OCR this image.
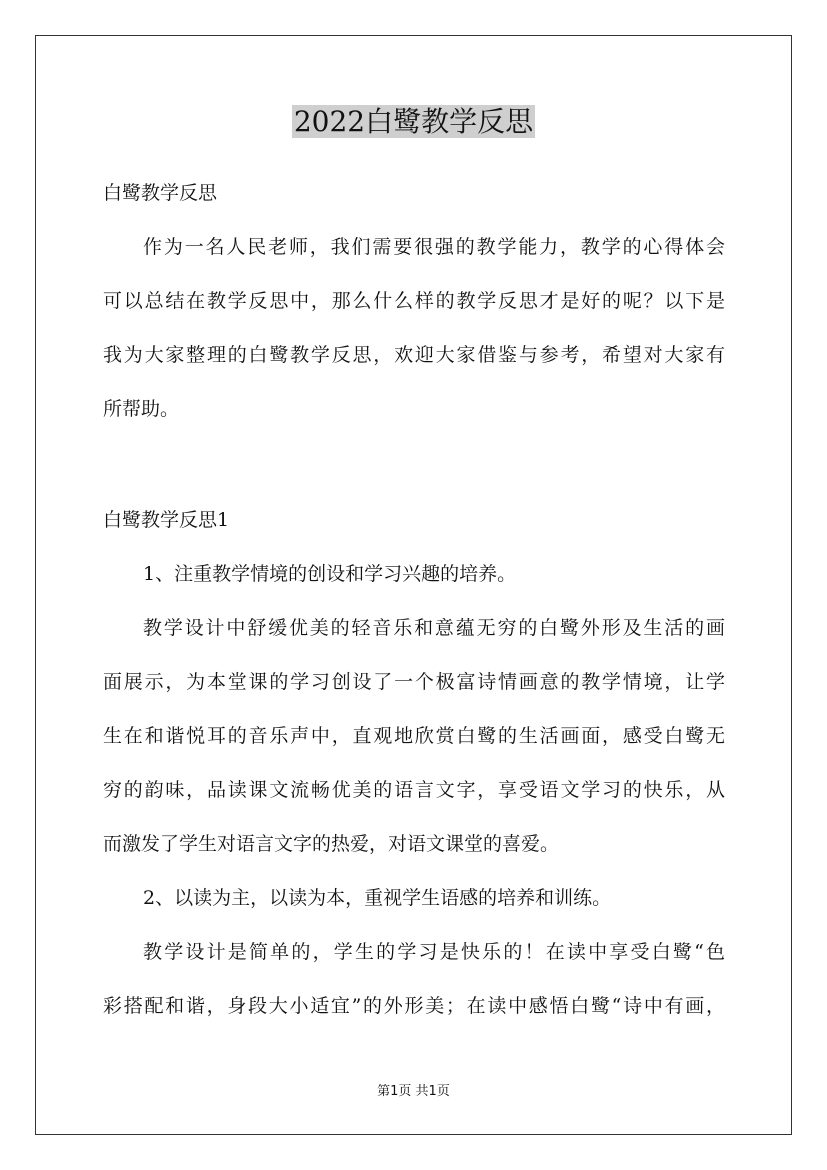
2022白鹭教学反思
白鹭教学反思
作为一名人民老师，我们需要很强的教学能力，教学的心得体会
可以总结在教学反思中，那么什么样的教学反思才是好的呢？以下是
我为大家整理的白鹭教学反思，欢迎大家借鉴与参考，希望对大家有
所帮助。
白鹭教学反思1
1、注重教学情境的创设和学习兴趣的培养。
教学设计中舒缓优美的轻音乐和意蕴无穷的白鹭外形及生活的画
面展示，为本堂课的学习创设了一个极富诗情画意的教学情境，让学
生在和谐悦耳的音乐声中，直观地欣赏白鹭的生活画面，感受白鹭无
穷的韵味，品读课文流畅优美的语言文字，享受语文学习的快乐，从
而激发了学生对语言文字的热爱，对语文课堂的喜爱。
2、以读为主，以读为本，重视学生语感的培养和训练。
教学设计是简单的，学生的学习是快乐的！在读中享受白鹭“色
彩搭配和谐，身段大小适宜”的外形美；在读中感悟白鹭“诗中有画，
第1页 共1页
